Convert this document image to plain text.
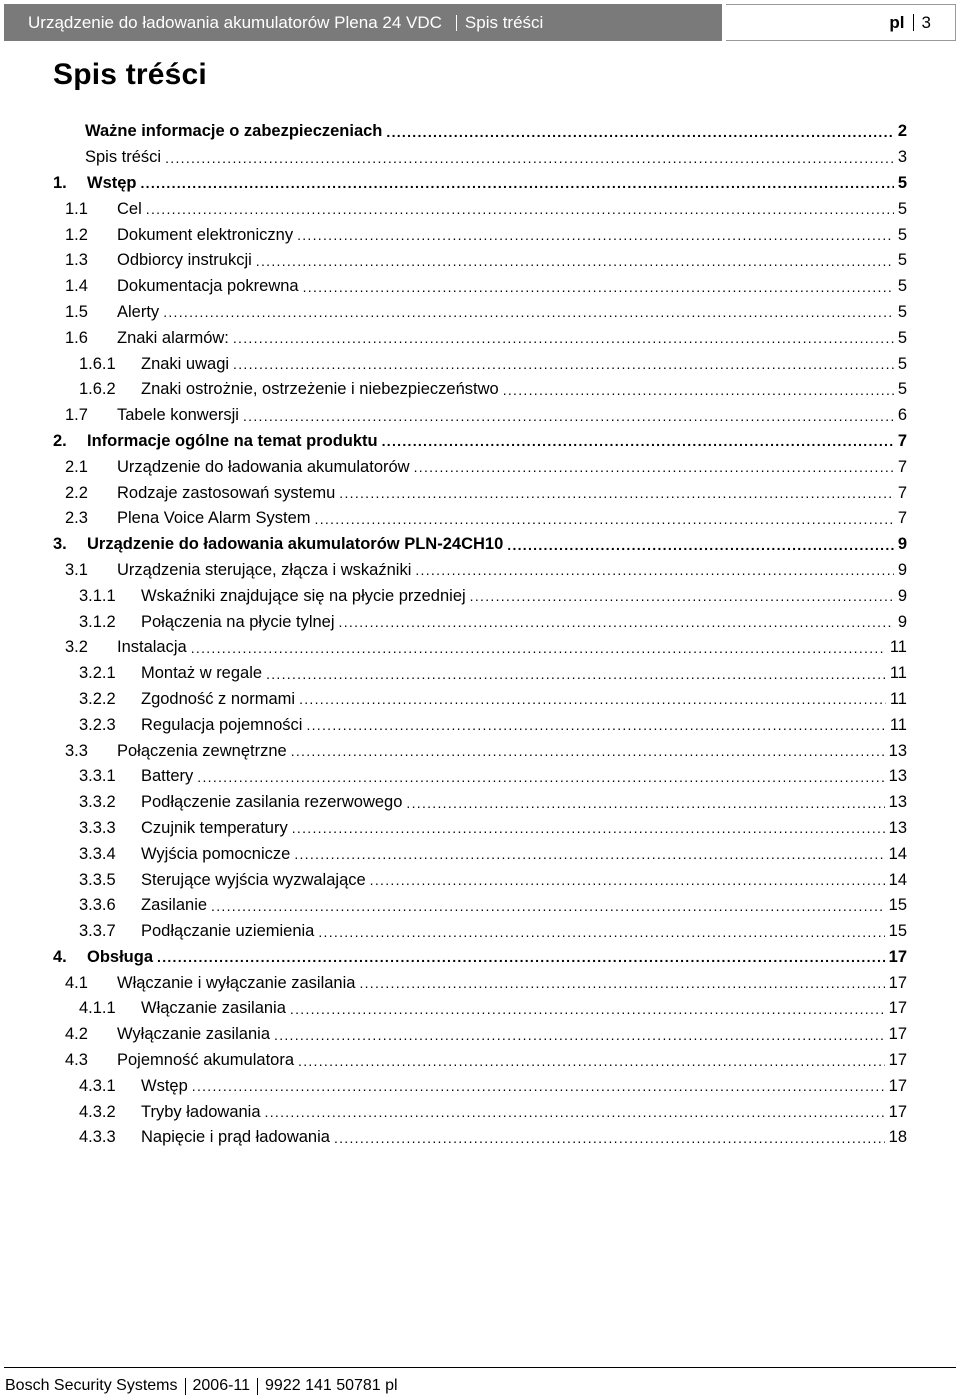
Urządzenie do ładowania akumulatorów Plena 24 VDC Spis tréści	pl 3
Spis tréści
Ważne informacje o zabezpieczeniach . . .	2
Spis tréści . . .	3
1.	Wstęp . . .	5
1.1	Cel . . .	5
1.2	Dokument elektroniczny . . .	5
1.3	Odbiorcy instrukcji . . .	5
1.4	Dokumentacja pokrewna . . .	5
1.5	Alerty . . .	5
1.6	Znaki alarmów: . . .	5
1.6.1	Znaki uwagi . . .	5
1.6.2	Znaki ostrożnie, ostrzeżenie i niebezpieczeństwo . . .	5
1.7	Tabele konwersji . . .	6
2.	Informacje ogólne na temat produktu . . .	7
2.1	Urządzenie do ładowania akumulatorów . . .	7
2.2	Rodzaje zastosowań systemu . . .	7
2.3	Plena Voice Alarm System . . .	7
3.	Urządzenie do ładowania akumulatorów PLN-24CH10 . . .	9
3.1	Urządzenia sterujące, złącza i wskaźniki . . .	9
3.1.1	Wskaźniki znajdujące się na płycie przedniej . . .	9
3.1.2	Połączenia na płycie tylnej . . .	9
3.2	Instalacja . . .	11
3.2.1	Montaż w regale . . .	11
3.2.2	Zgodność z normami . . .	11
3.2.3	Regulacja pojemności . . .	11
3.3	Połączenia zewnętrzne . . .	13
3.3.1	Battery . . .	13
3.3.2	Podłączenie zasilania rezerwowego . . .	13
3.3.3	Czujnik temperatury . . .	13
3.3.4	Wyjścia pomocnicze . . .	14
3.3.5	Sterujące wyjścia wyzwalające . . .	14
3.3.6	Zasilanie . . .	15
3.3.7	Podłączanie uziemienia . . .	15
4.	Obsługa . . .	17
4.1	Włączanie i wyłączanie zasilania . . .	17
4.1.1	Włączanie zasilania . . .	17
4.2	Wyłączanie zasilania . . .	17
4.3	Pojemność akumulatora . . .	17
4.3.1	Wstęp . . .	17
4.3.2	Tryby ładowania . . .	17
4.3.3	Napięcie i prąd ładowania . . .	18
Bosch Security Systems 2006-11 9922 141 50781 pl
